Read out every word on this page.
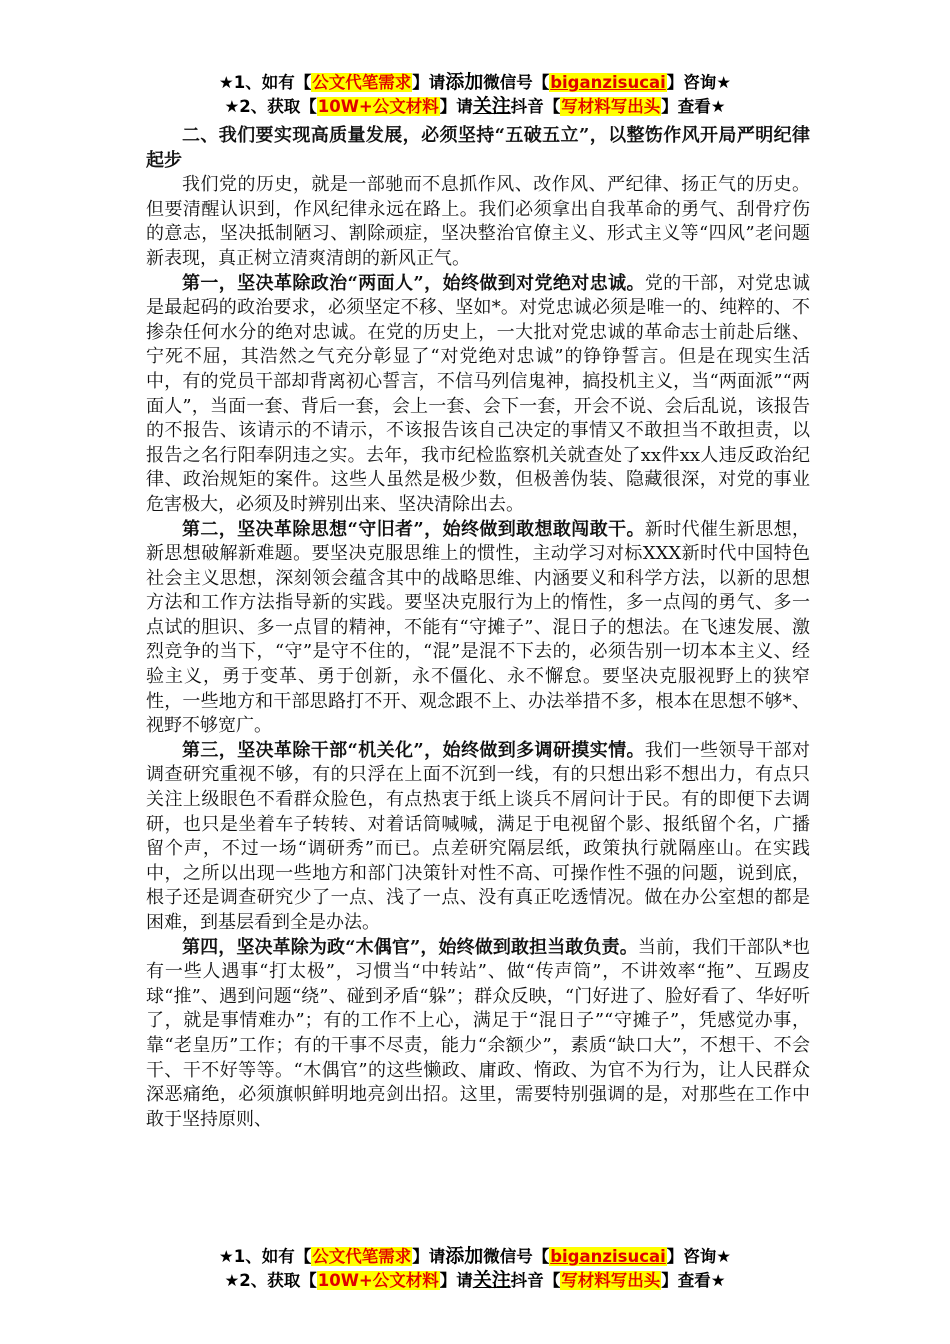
★1、如有【公文代笔需求】请添加微信号【biganzisucai】咨询★
★2、获取【10W+公文材料】请关注抖音【写材料写出头】查看★

二、我们要实现高质量发展，必须坚持“五破五立”，以整饬作风开局严明纪律起步

我们党的历史，就是一部驰而不息抓作风、改作风、严纪律、扬正气的历史。但要清醒认识到，作风纪律永远在路上。我们必须拿出自我革命的勇气、刮骨疗伤的意志，坚决抵制陋习、割除顽症，坚决整治官僚主义、形式主义等“四风”老问题新表现，真正树立清爽清朗的新风正气。

第一，坚决革除政治“两面人”，始终做到对党绝对忠诚。党的干部，对党忠诚是最起码的政治要求，必须坚定不移、坚如*。对党忠诚必须是唯一的、纯粹的、不掺杂任何水分的绝对忠诚。在党的历史上，一大批对党忠诚的革命志士前赴后继、宁死不屈，其浩然之气充分彰显了“对党绝对忠诚”的铮铮誓言。但是在现实生活中，有的党员干部却背离初心誓言，不信马列信鬼神，搞投机主义，当“两面派”“两面人”，当面一套、背后一套，会上一套、会下一套，开会不说、会后乱说，该报告的不报告、该请示的不请示，不该报告该自己决定的事情又不敢担当不敢担责，以报告之名行阳奉阴违之实。去年，我市纪检监察机关就查处了xx件xx人违反政治纪律、政治规矩的案件。这些人虽然是极少数，但极善伪装、隐藏很深，对党的事业危害极大，必须及时辨别出来、坚决清除出去。

第二，坚决革除思想“守旧者”，始终做到敢想敢闯敢干。新时代催生新思想，新思想破解新难题。要坚决克服思维上的惯性，主动学习对标XXX新时代中国特色社会主义思想，深刻领会蕴含其中的战略思维、内涵要义和科学方法，以新的思想方法和工作方法指导新的实践。要坚决克服行为上的惰性，多一点闯的勇气、多一点试的胆识、多一点冒的精神，不能有“守摊子”、混日子的想法。在飞速发展、激烈竞争的当下，“守”是守不住的，“混”是混不下去的，必须告别一切本本主义、经验主义，勇于变革、勇于创新，永不僵化、永不懈怠。要坚决克服视野上的狭窄性，一些地方和干部思路打不开、观念跟不上、办法举措不多，根本在思想不够*、视野不够宽广。

第三，坚决革除干部“机关化”，始终做到多调研摸实情。我们一些领导干部对调查研究重视不够，有的只浮在上面不沉到一线，有的只想出彩不想出力，有点只关注上级眼色不看群众脸色，有点热衷于纸上谈兵不屑问计于民。有的即便下去调研，也只是坐着车子转转、对着话筒喊喊，满足于电视留个影、报纸留个名，广播留个声，不过一场“调研秀”而已。点差研究隔层纸，政策执行就隔座山。在实践中，之所以出现一些地方和部门决策针对性不高、可操作性不强的问题，说到底，根子还是调查研究少了一点、浅了一点、没有真正吃透情况。做在办公室想的都是困难，到基层看到全是办法。

第四，坚决革除为政“木偶官”，始终做到敢担当敢负责。当前，我们干部队*也有一些人遇事“打太极”，习惯当“中转站”、做“传声筒”，不讲效率“拖”、互踢皮球“推”、遇到问题“绕”、碰到矛盾“躲”；群众反映，“门好进了、脸好看了、华好听了，就是事情难办”；有的工作不上心，满足于“混日子”“守摊子”，凭感觉办事，靠“老皇历”工作；有的干事不尽责，能力“余额少”，素质“缺口大”，不想干、不会干、干不好等等。“木偶官”的这些懒政、庸政、惰政、为官不为行为，让人民群众深恶痛绝，必须旗帜鲜明地亮剑出招。这里，需要特别强调的是，对那些在工作中敢于坚持原则、

★1、如有【公文代笔需求】请添加微信号【biganzisucai】咨询★
★2、获取【10W+公文材料】请关注抖音【写材料写出头】查看★
